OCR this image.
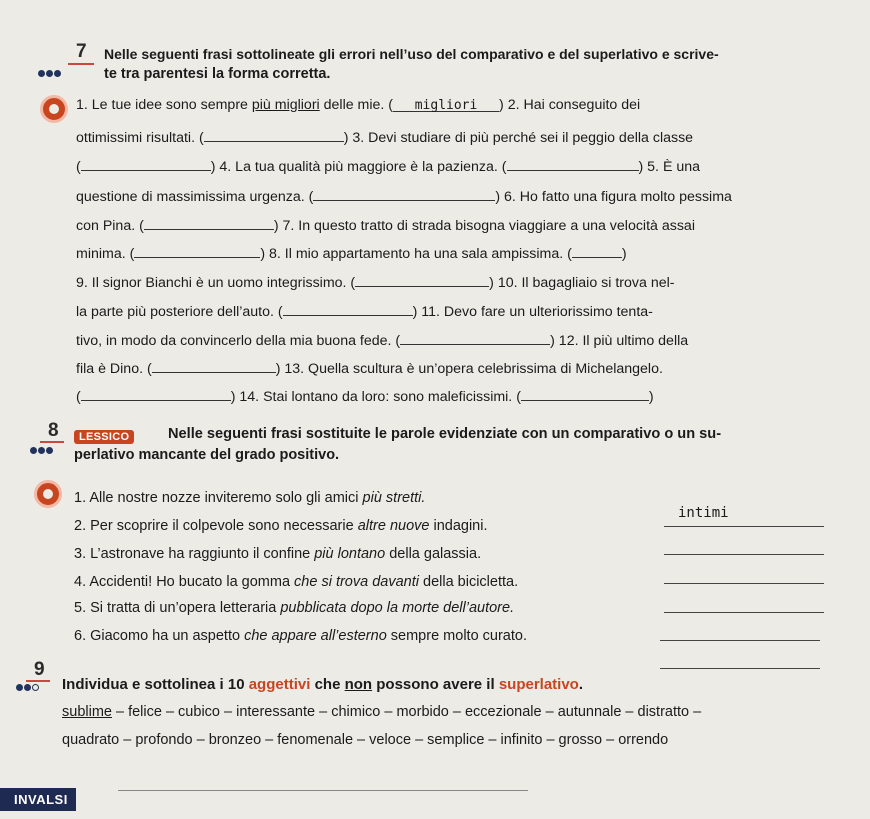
7 Nelle seguenti frasi sottolineate gli errori nell’uso del comparativo e del superlativo e scrive-
te tra parentesi la forma corretta.
1. Le tue idee sono sempre più migliori delle mie. ( migliori ) 2. Hai conseguito dei
ottimissimi risultati. (	) 3. Devi studiare di più perché sei il peggio della classe
(	) 4. La tua qualità più maggiore è la pazienza. (	) 5. È una
questione di massimissima urgenza. (	) 6. Ho fatto una figura molto pessima
con Pina. (	) 7. In questo tratto di strada bisogna viaggiare a una velocità assai
minima. (	) 8. Il mio appartamento ha una sala ampissima. (	)
9. Il signor Bianchi è un uomo integrissimo. (	) 10. Il bagagliaio si trova nel-
la parte più posteriore dell’auto. (	) 11. Devo fare un ulteriorissimo tenta-
tivo, in modo da convincerlo della mia buona fede. (	) 12. Il più ultimo della
fila è Dino. (	) 13. Quella scultura è un’opera celebrissima di Michelangelo.
(	) 14. Stai lontano da loro: sono maleficissimi. (	)
8	LESSICO	Nelle seguenti frasi sostituite le parole evidenziate con un comparativo o un su-
perlativo mancante del grado positivo.
1. Alle nostre nozze inviteremo solo gli amici più stretti.
intimi
2. Per scoprire il colpevole sono necessarie altre nuove indagini.
3. L’astronave ha raggiunto il confine più lontano della galassia.
4. Accidenti! Ho bucato la gomma che si trova davanti della bicicletta.
5. Si tratta di un’opera letteraria pubblicata dopo la morte dell’autore.
6. Giacomo ha un aspetto che appare all’esterno sempre molto curato.
9
Individua e sottolinea i 10 aggettivi che non possono avere il superlativo.
sublime – felice – cubico – interessante – chimico – morbido – eccezionale – autunnale – distratto –
quadrato – profondo – bronzeo – fenomenale – veloce – semplice – infinito – grosso – orrendo
INVALSI
